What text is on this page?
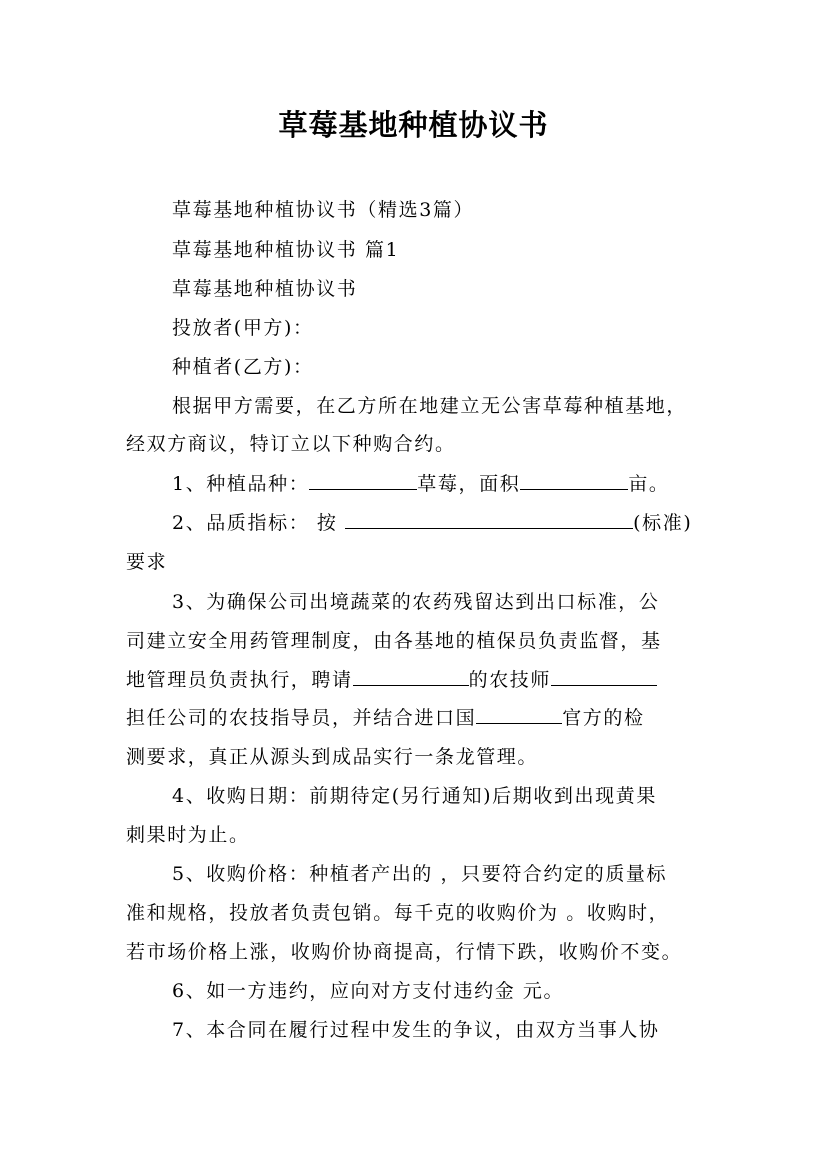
草莓基地种植协议书
草莓基地种植协议书（精选3篇）
草莓基地种植协议书 篇1
草莓基地种植协议书
投放者(甲方)：
种植者(乙方)：
根据甲方需要，在乙方所在地建立无公害草莓种植基地，
经双方商议，特订立以下种购合约。
1、种植品种：	草莓，面积	亩。
2、品质指标： 按	(标准)
要求
3、为确保公司出境蔬菜的农药残留达到出口标准，公
司建立安全用药管理制度，由各基地的植保员负责监督，基
地管理员负责执行，聘请	的农技师
担任公司的农技指导员，并结合进口国	官方的检
测要求，真正从源头到成品实行一条龙管理。
4、收购日期：前期待定(另行通知)后期收到出现黄果
刺果时为止。
5、收购价格：种植者产出的 ，只要符合约定的质量标
准和规格，投放者负责包销。每千克的收购价为 。收购时，
若市场价格上涨，收购价协商提高，行情下跌，收购价不变。
6、如一方违约，应向对方支付违约金 元。
7、本合同在履行过程中发生的争议，由双方当事人协
